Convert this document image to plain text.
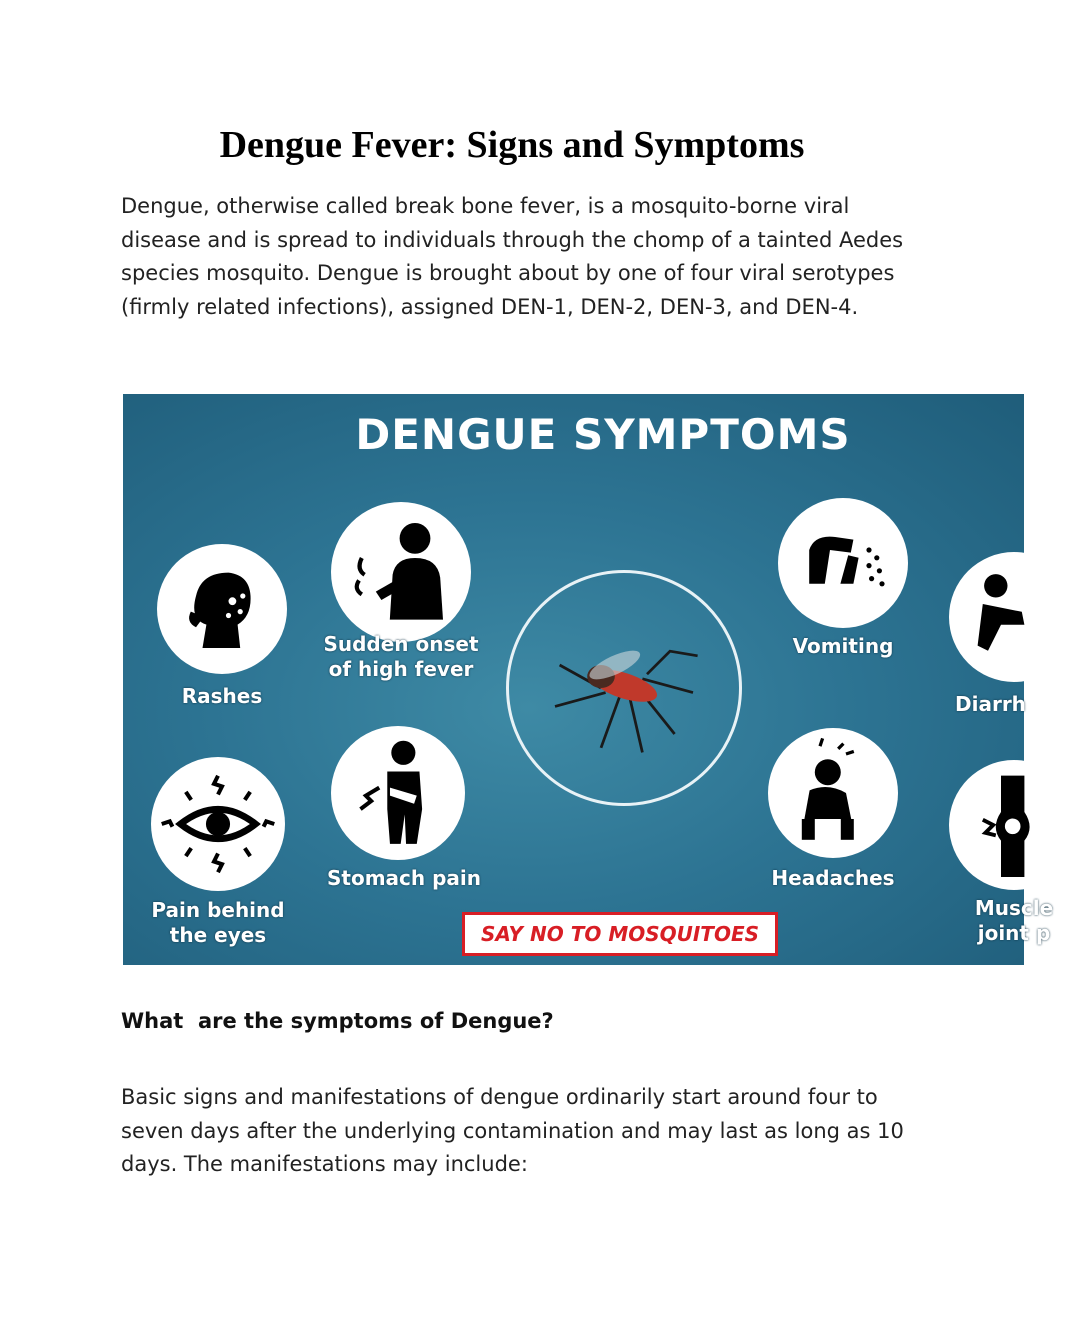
Dengue Fever: Signs and Symptoms
Dengue, otherwise called break bone fever, is a mosquito-borne viral disease and is spread to individuals through the chomp of a tainted Aedes species mosquito. Dengue is brought about by one of four viral serotypes (firmly related infections), assigned DEN-1, DEN-2, DEN-3, and DEN-4.
DENGUE SYMPTOMS
Rashes
Sudden onset
of high fever
Vomiting
Diarrh
Pain behind
the eyes
Stomach pain	Headaches
Muscle
joint p
SAY NO TO MOSQUITOES
What  are the symptoms of Dengue?
Basic signs and manifestations of dengue ordinarily start around four to seven days after the underlying contamination and may last as long as 10 days. The manifestations may include:
